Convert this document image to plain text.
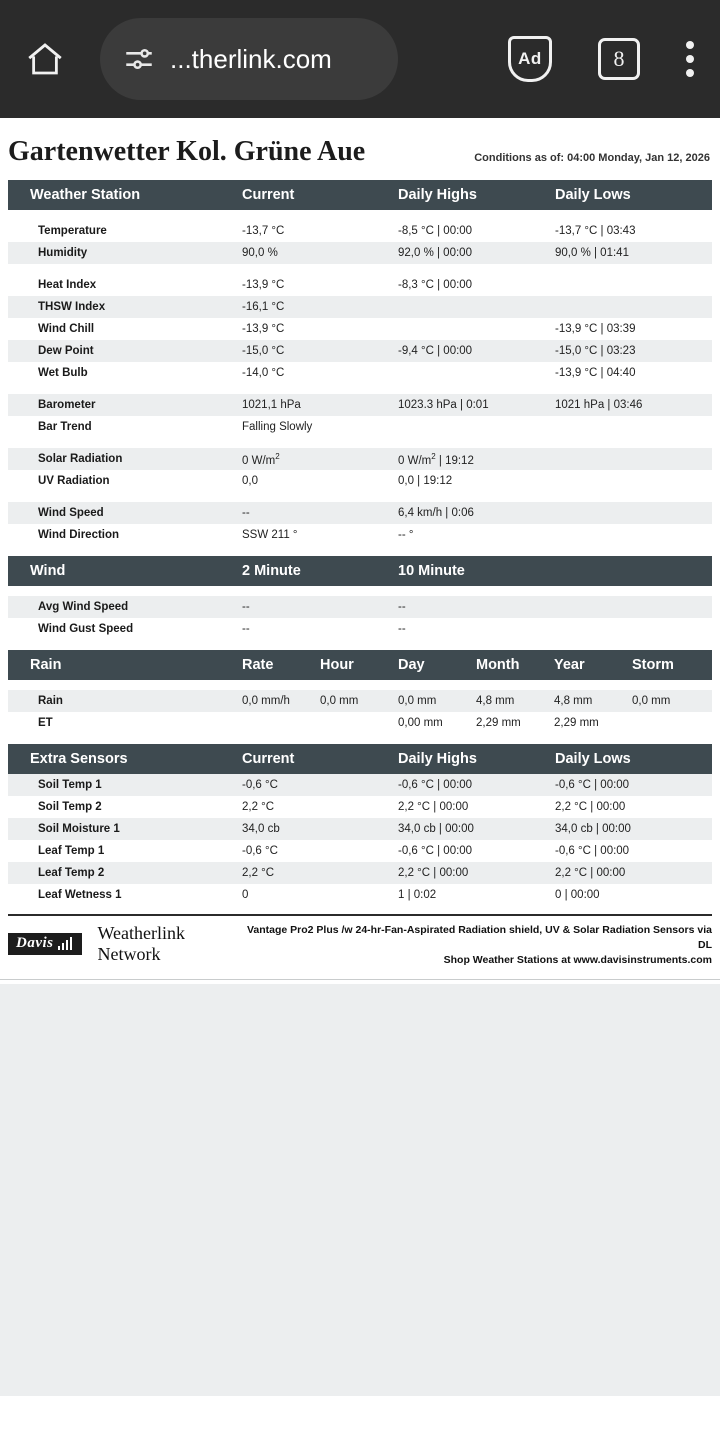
...therlink.com	Ad	8
Gartenwetter Kol. Grüne Aue	Conditions as of: 04:00 Monday, Jan 12, 2026
Weather Station	Current	Daily Highs	Daily Lows

Temperature	-13,7 °C	-8,5 °C | 00:00	-13,7 °C | 03:43
Humidity	90,0 %	92,0 % | 00:00	90,0 % | 01:41

Heat Index	-13,9 °C	-8,3 °C | 00:00	
THSW Index	-16,1 °C		
Wind Chill	-13,9 °C		-13,9 °C | 03:39
Dew Point	-15,0 °C	-9,4 °C | 00:00	-15,0 °C | 03:23
Wet Bulb	-14,0 °C		-13,9 °C | 04:40

Barometer	1021,1 hPa	1023.3 hPa | 0:01	1021 hPa | 03:46
Bar Trend	Falling Slowly		

Solar Radiation	0 $W/m^2$	0 $W/m^2$ | 19:12	
UV Radiation	0,0	0,0 | 19:12	

Wind Speed	--	6,4 km/h | 0:06	
Wind Direction	SSW 211 °	-- °	

Wind	2 Minute	10 Minute	

Avg Wind Speed	--	--	
Wind Gust Speed	--	--	

Rain	Rate	Hour	Day	Month	Year	Storm

Rain	0,0 mm/h	0,0 mm	0,0 mm	4,8 mm	4,8 mm	0,0 mm
ET			0,00 mm	2,29 mm	2,29 mm	

Extra Sensors	Current	Daily Highs	Daily Lows
Soil Temp 1	-0,6 °C	-0,6 °C | 00:00	-0,6 °C | 00:00
Soil Temp 2	2,2 °C	2,2 °C | 00:00	2,2 °C | 00:00
Soil Moisture 1	34,0 cb	34,0 cb | 00:00	34,0 cb | 00:00
Leaf Temp 1	-0,6 °C	-0,6 °C | 00:00	-0,6 °C | 00:00
Leaf Temp 2	2,2 °C	2,2 °C | 00:00	2,2 °C | 00:00
Leaf Wetness 1	0	1 | 0:02	0 | 00:00
Davis Weatherlink Network
Vantage Pro2 Plus /w 24-hr-Fan-Aspirated Radiation shield, UV & Solar Radiation Sensors via DL
Shop Weather Stations at www.davisinstruments.com
